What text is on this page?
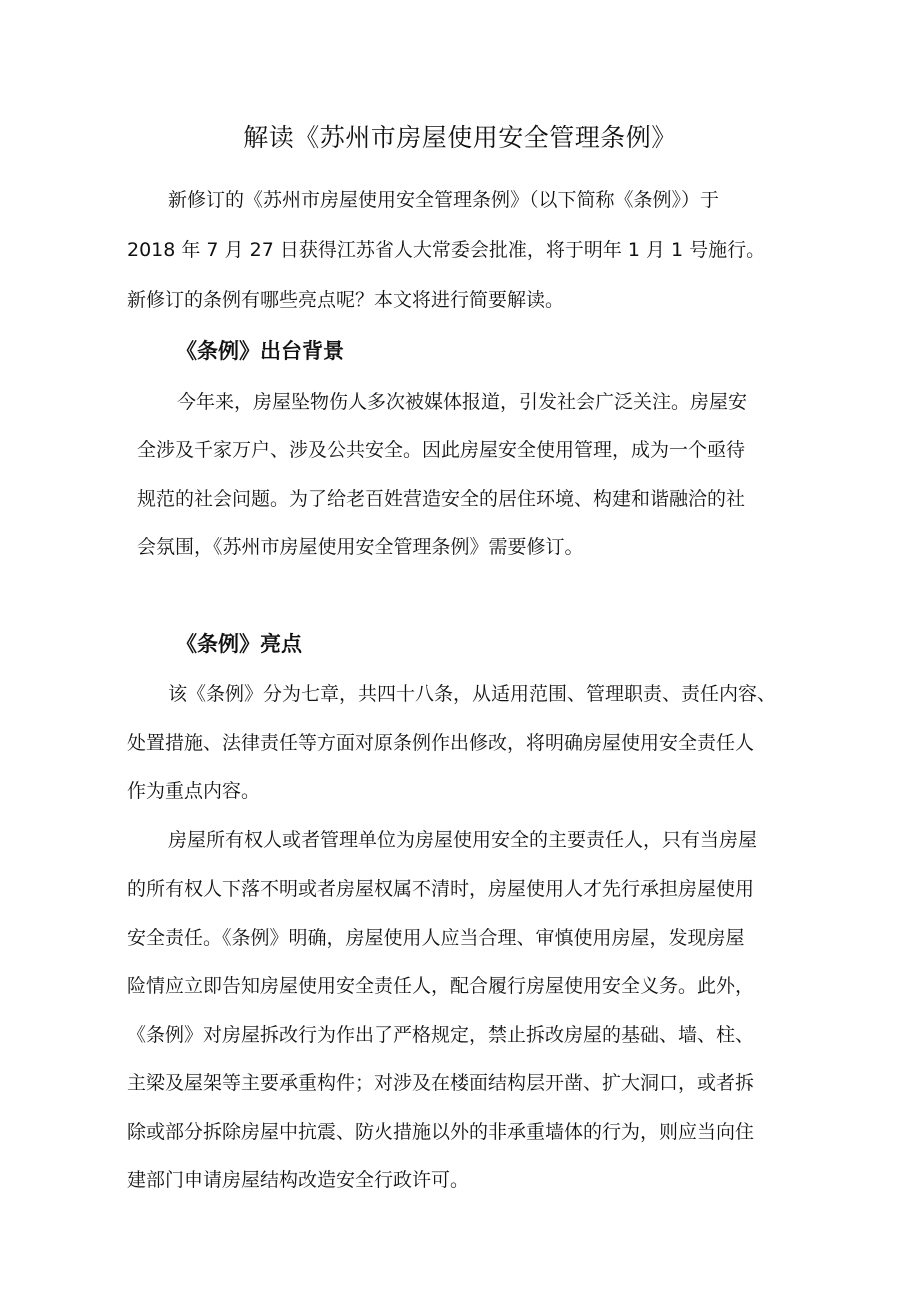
解读《苏州市房屋使用安全管理条例》
新修订的《苏州市房屋使用安全管理条例》（以下简称《条例》）于
2018 年 7 月 27 日获得江苏省人大常委会批准，将于明年 1 月 1 号施行。
新修订的条例有哪些亮点呢？本文将进行简要解读。
《条例》出台背景
今年来，房屋坠物伤人多次被媒体报道，引发社会广泛关注。房屋安
全涉及千家万户、涉及公共安全。因此房屋安全使用管理，成为一个亟待
规范的社会问题。为了给老百姓营造安全的居住环境、构建和谐融洽的社
会氛围，《苏州市房屋使用安全管理条例》需要修订。
《条例》亮点
该《条例》分为七章，共四十八条，从适用范围、管理职责、责任内容、
处置措施、法律责任等方面对原条例作出修改，将明确房屋使用安全责任人
作为重点内容。
房屋所有权人或者管理单位为房屋使用安全的主要责任人，只有当房屋
的所有权人下落不明或者房屋权属不清时，房屋使用人才先行承担房屋使用
安全责任。《条例》明确，房屋使用人应当合理、审慎使用房屋，发现房屋
险情应立即告知房屋使用安全责任人，配合履行房屋使用安全义务。此外，
《条例》对房屋拆改行为作出了严格规定，禁止拆改房屋的基础、墙、柱、
主梁及屋架等主要承重构件；对涉及在楼面结构层开凿、扩大洞口，或者拆
除或部分拆除房屋中抗震、防火措施以外的非承重墙体的行为，则应当向住
建部门申请房屋结构改造安全行政许可。
